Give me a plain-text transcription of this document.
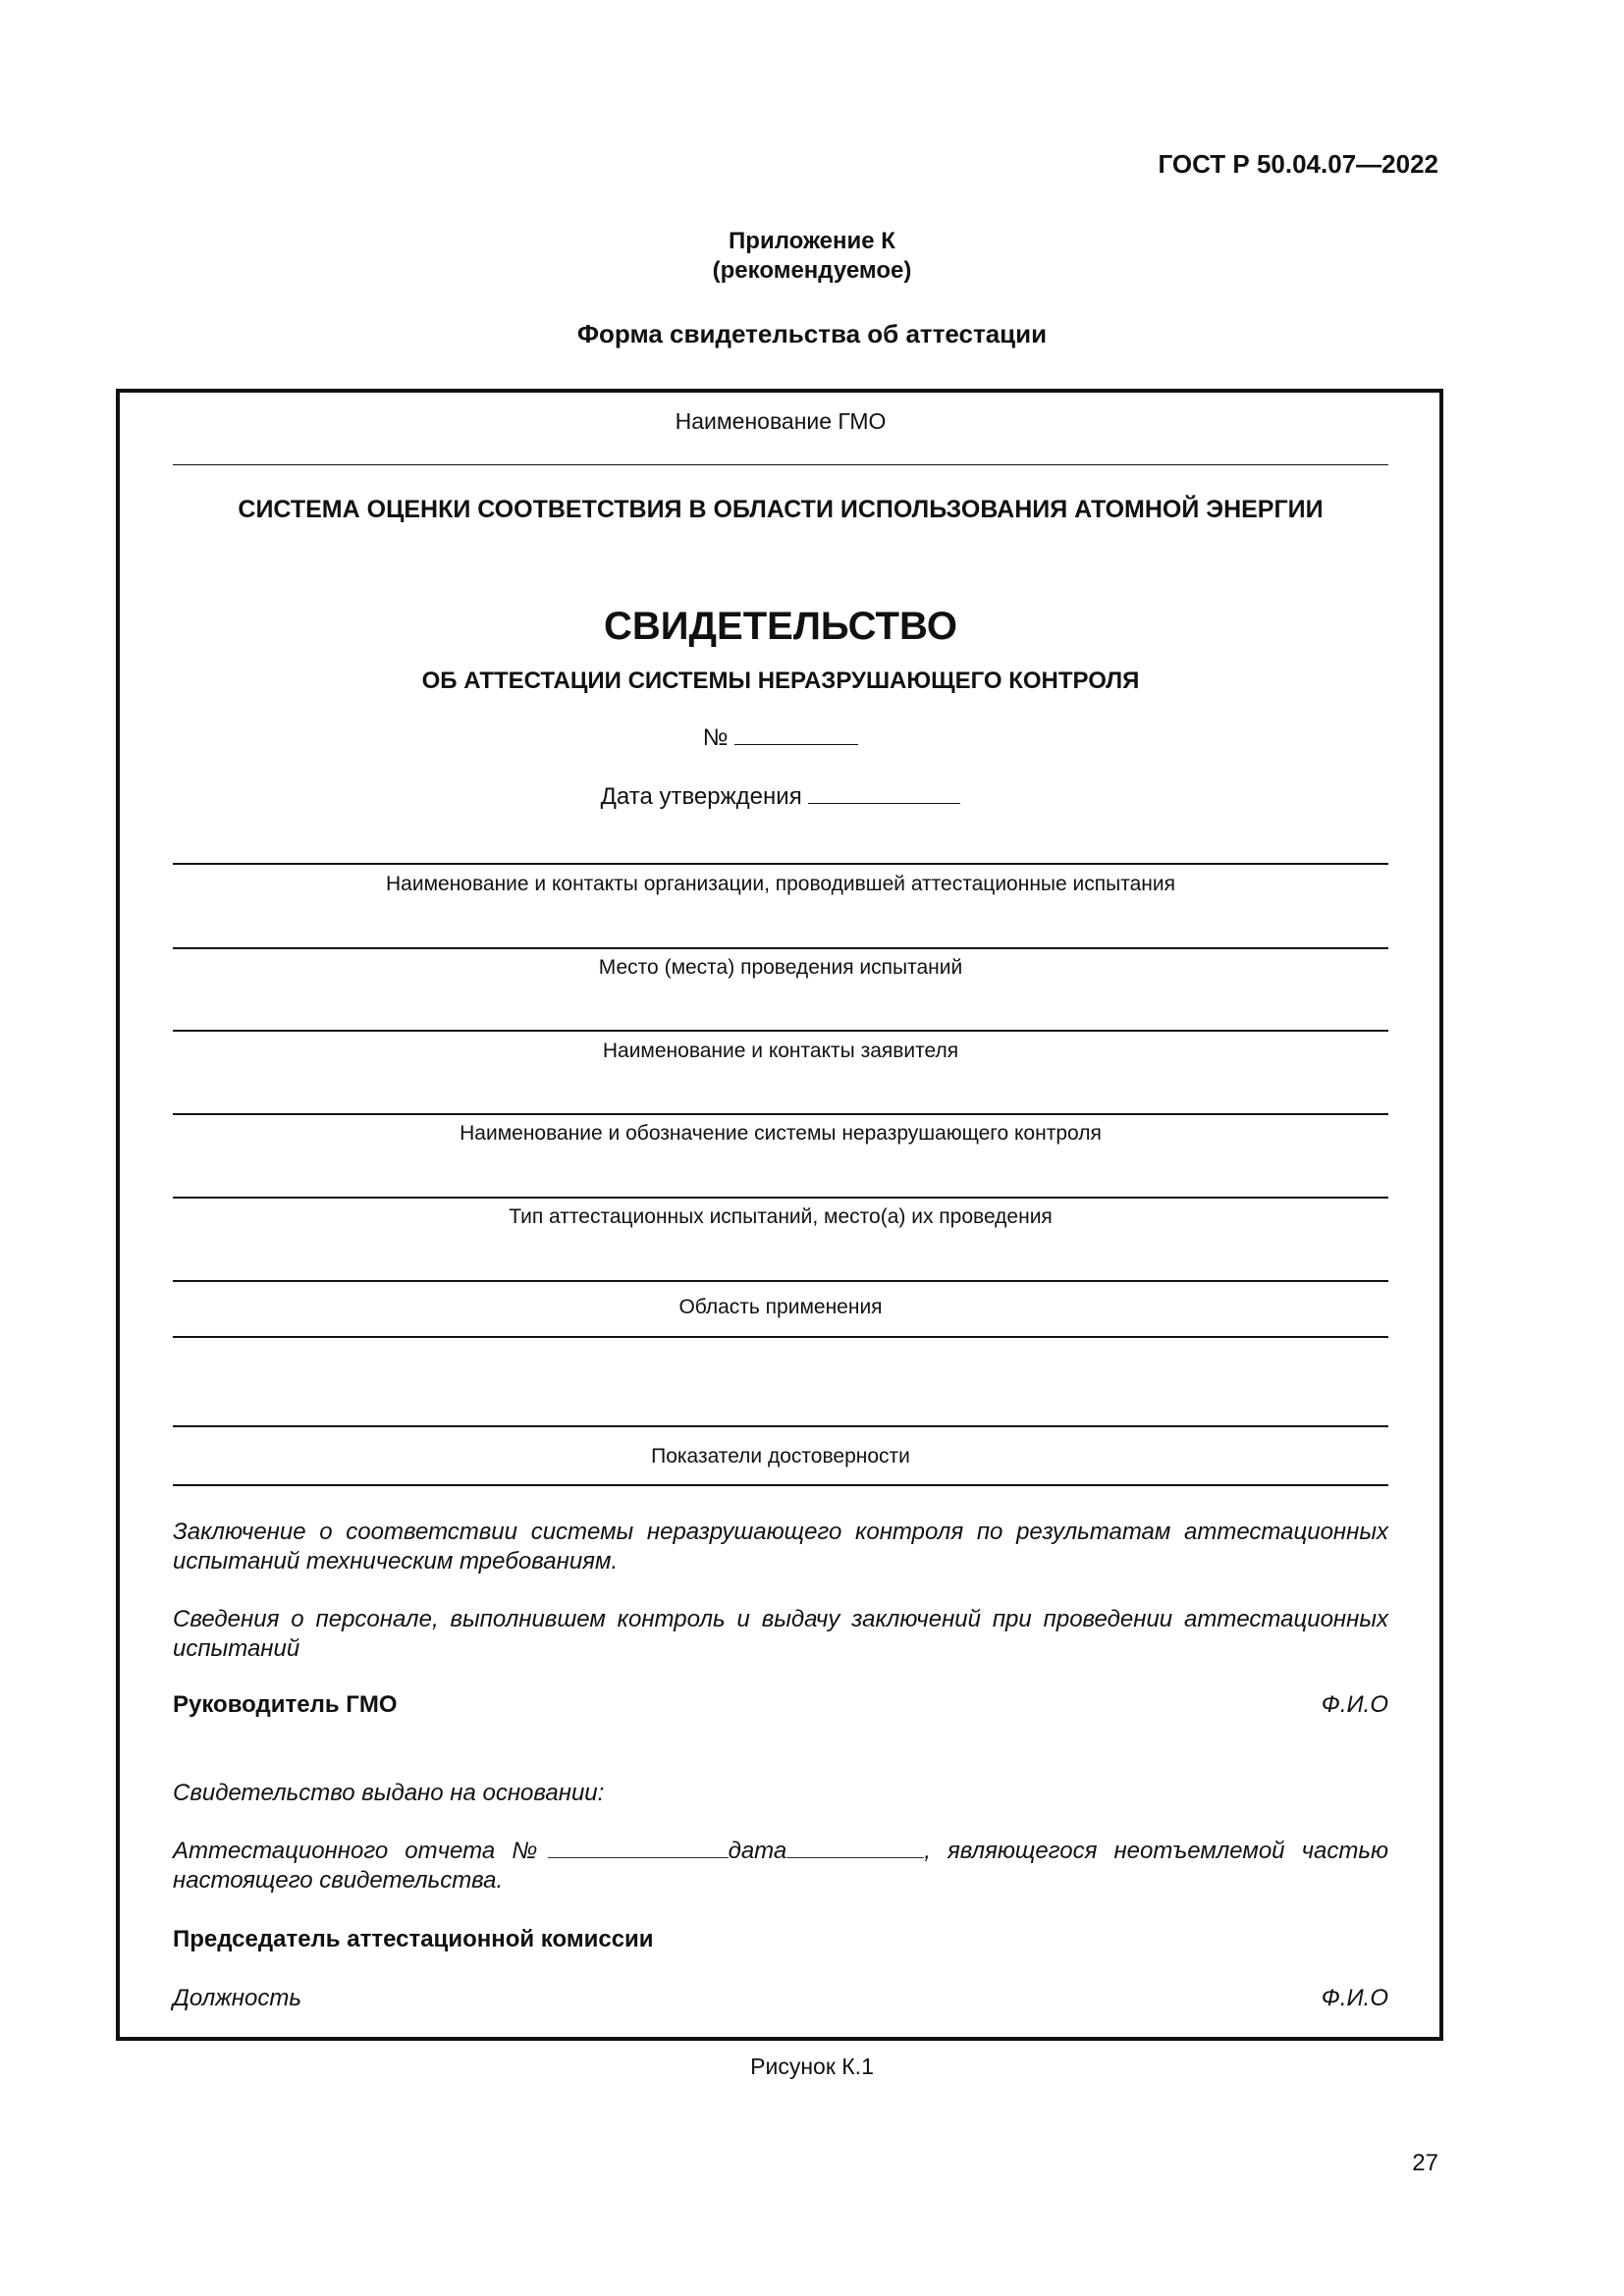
ГОСТ Р 50.04.07—2022
Приложение К
(рекомендуемое)
Форма свидетельства об аттестации
Наименование ГМО
СИСТЕМА ОЦЕНКИ СООТВЕТСТВИЯ В ОБЛАСТИ ИСПОЛЬЗОВАНИЯ АТОМНОЙ ЭНЕРГИИ
СВИДЕТЕЛЬСТВО
ОБ АТТЕСТАЦИИ СИСТЕМЫ НЕРАЗРУШАЮЩЕГО КОНТРОЛЯ
№
Дата утверждения
Наименование и контакты организации, проводившей аттестационные испытания
Место (места) проведения испытаний
Наименование и контакты заявителя
Наименование и обозначение системы неразрушающего контроля
Тип аттестационных испытаний, место(а) их проведения
Область применения
Показатели достоверности
Заключение о соответствии системы неразрушающего контроля по результатам аттестационных испытаний техническим требованиям.
Сведения о персонале, выполнившем контроль и выдачу заключений при проведении аттестационных испытаний
Руководитель ГМО	Ф.И.О
Свидетельство выдано на основании:
Аттестационного отчета №	дата	, являющегося неотъемлемой частью настоящего свидетельства.
Председатель аттестационной комиссии
Должность	Ф.И.О
Рисунок К.1
27
